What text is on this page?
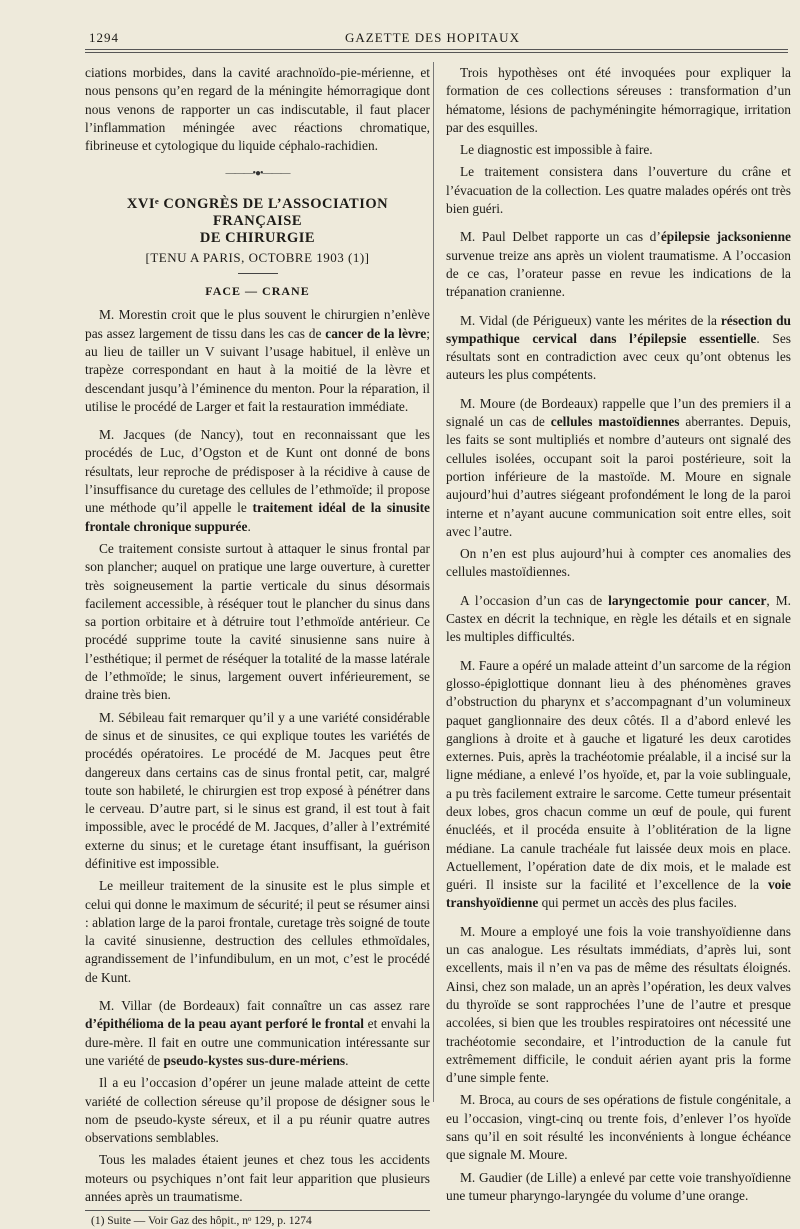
1294	GAZETTE DES HOPITAUX

ciations morbides, dans la cavité arachnoïdo-pie-mérienne, et nous pensons qu’en regard de la méningite hémorragique dont nous venons de rapporter un cas indiscutable, il faut placer l’inflammation méningée avec réactions chromatique, fibrineuse et cytologique du liquide céphalo-rachidien.

———•●•———
XVIᵉ CONGRÈS DE L’ASSOCIATION FRANÇAISE
DE CHIRURGIE
[TENU A PARIS, OCTOBRE 1903 (1)]
FACE — CRANE

M. Morestin croit que le plus souvent le chirurgien n’enlève pas assez largement de tissu dans les cas de cancer de la lèvre; au lieu de tailler un V suivant l’usage habituel, il enlève un trapèze correspondant en haut à la moitié de la lèvre et descendant jusqu’à l’éminence du menton. Pour la réparation, il utilise le procédé de Larger et fait la restauration immédiate.

M. Jacques (de Nancy), tout en reconnaissant que les procédés de Luc, d’Ogston et de Kunt ont donné de bons résultats, leur reproche de prédisposer à la récidive à cause de l’insuffisance du curetage des cellules de l’ethmoïde; il propose une méthode qu’il appelle le traitement idéal de la sinusite frontale chronique suppurée.

Ce traitement consiste surtout à attaquer le sinus frontal par son plancher; auquel on pratique une large ouverture, à curetter très soigneusement la partie verticale du sinus désormais facilement accessible, à réséquer tout le plancher du sinus dans sa portion orbitaire et à détruire tout l’ethmoïde antérieur. Ce procédé supprime toute la cavité sinusienne sans nuire à l’esthétique; il permet de réséquer la totalité de la masse latérale de l’ethmoïde; le sinus, largement ouvert inférieurement, se draine très bien.

M. Sébileau fait remarquer qu’il y a une variété considérable de sinus et de sinusites, ce qui explique toutes les variétés de procédés opératoires. Le procédé de M. Jacques peut être dangereux dans certains cas de sinus frontal petit, car, malgré toute son habileté, le chirurgien est trop exposé à pénétrer dans le cerveau. D’autre part, si le sinus est grand, il est tout à fait impossible, avec le procédé de M. Jacques, d’aller à l’extrémité externe du sinus; et le curetage étant insuffisant, la guérison définitive est impossible.

Le meilleur traitement de la sinusite est le plus simple et celui qui donne le maximum de sécurité; il peut se résumer ainsi : ablation large de la paroi frontale, curetage très soigné de toute la cavité sinusienne, destruction des cellules ethmoïdales, agrandissement de l’infundibulum, en un mot, c’est le procédé de Kunt.

M. Villar (de Bordeaux) fait connaître un cas assez rare d’épithélioma de la peau ayant perforé le frontal et envahi la dure-mère. Il fait en outre une communication intéressante sur une variété de pseudo-kystes sus-dure-mériens.

Il a eu l’occasion d’opérer un jeune malade atteint de cette variété de collection séreuse qu’il propose de désigner sous le nom de pseudo-kyste séreux, et il a pu réunir quatre autres observations semblables.

Tous les malades étaient jeunes et chez tous les accidents moteurs ou psychiques n’ont fait leur apparition que plusieurs années après un traumatisme.

(1) Suite — Voir Gaz des hôpit., nᵒ 129, p. 1274

Trois hypothèses ont été invoquées pour expliquer la formation de ces collections séreuses : transformation d’un hématome, lésions de pachyméningite hémorragique, irritation par des esquilles.

Le diagnostic est impossible à faire.

Le traitement consistera dans l’ouverture du crâne et l’évacuation de la collection. Les quatre malades opérés ont très bien guéri.

M. Paul Delbet rapporte un cas d’épilepsie jacksonienne survenue treize ans après un violent traumatisme. A l’occasion de ce cas, l’orateur passe en revue les indications de la trépanation cranienne.

M. Vidal (de Périgueux) vante les mérites de la résection du sympathique cervical dans l’épilepsie essentielle. Ses résultats sont en contradiction avec ceux qu’ont obtenus les auteurs les plus compétents.

M. Moure (de Bordeaux) rappelle que l’un des premiers il a signalé un cas de cellules mastoïdiennes aberrantes. Depuis, les faits se sont multipliés et nombre d’auteurs ont signalé des cellules isolées, occupant soit la paroi postérieure, soit la portion inférieure de la mastoïde. M. Moure en signale aujourd’hui d’autres siégeant profondément le long de la paroi interne et n’ayant aucune communication soit entre elles, soit avec l’autre.

On n’en est plus aujourd’hui à compter ces anomalies des cellules mastoïdiennes.

A l’occasion d’un cas de laryngectomie pour cancer, M. Castex en décrit la technique, en règle les détails et en signale les multiples difficultés.

M. Faure a opéré un malade atteint d’un sarcome de la région glosso-épiglottique donnant lieu à des phénomènes graves d’obstruction du pharynx et s’accompagnant d’un volumineux paquet ganglionnaire des deux côtés. Il a d’abord enlevé les ganglions à droite et à gauche et ligaturé les deux carotides externes. Puis, après la trachéotomie préalable, il a incisé sur la ligne médiane, a enlevé l’os hyoïde, et, par la voie sublinguale, a pu très facilement extraire le sarcome. Cette tumeur présentait deux lobes, gros chacun comme un œuf de poule, qui furent énucléés, et il procéda ensuite à l’oblitération de la ligne médiane. La canule trachéale fut laissée deux mois en place. Actuellement, l’opération date de dix mois, et le malade est guéri. Il insiste sur la facilité et l’excellence de la voie transhyoïdienne qui permet un accès des plus faciles.

M. Moure a employé une fois la voie transhyoïdienne dans un cas analogue. Les résultats immédiats, d’après lui, sont excellents, mais il n’en va pas de même des résultats éloignés. Ainsi, chez son malade, un an après l’opération, les deux valves du thyroïde se sont rapprochées l’une de l’autre et presque accolées, si bien que les troubles respiratoires ont nécessité une trachéotomie secondaire, et l’introduction de la canule fut extrêmement difficile, le conduit aérien ayant pris la forme d’une simple fente.

M. Broca, au cours de ses opérations de fistule congénitale, a eu l’occasion, vingt-cinq ou trente fois, d’enlever l’os hyoïde sans qu’il en soit résulté les inconvénients à longue échéance que signale M. Moure.

M. Gaudier (de Lille) a enlevé par cette voie transhyoïdienne une tumeur pharyngo-laryngée du volume d’une orange.
